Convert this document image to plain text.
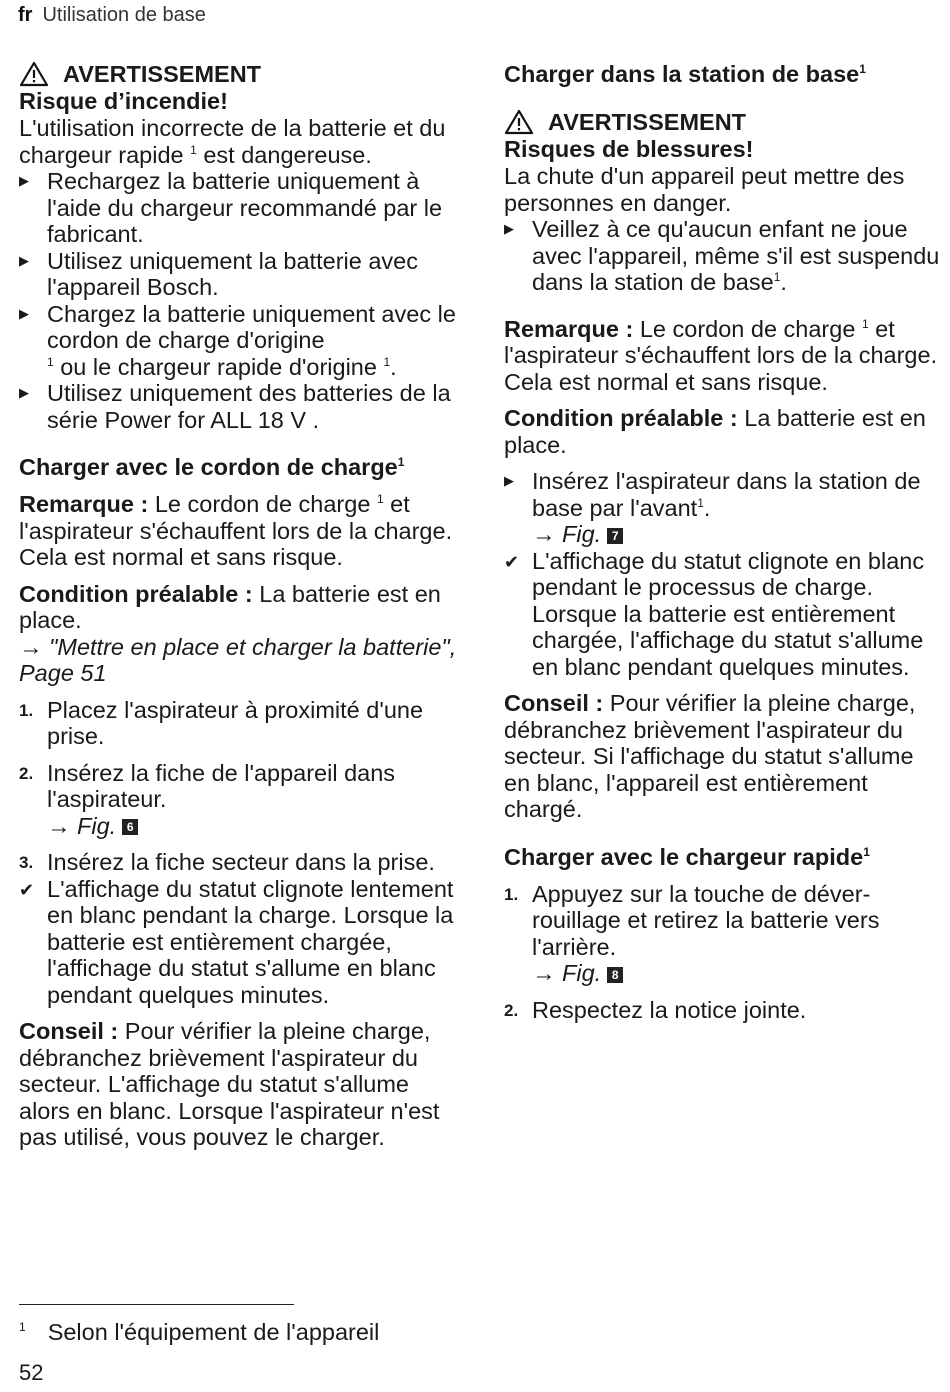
fr Utilisation de base
AVERTISSEMENT
Risque d’incendie!

L'utilisation incorrecte de la batterie et du chargeur rapide $^1$ est dangereuse.

▶ Rechargez la batterie uniquement à l'aide du chargeur recommandé par le fabricant.
▶ Utilisez uniquement la batterie avec l'appareil Bosch.
▶ Chargez la batterie uniquement avec le cordon de charge d'origine
$^1$ ou le chargeur rapide d'origine $^1$.
▶ Utilisez uniquement des batteries de la série Power for ALL 18 V .
Charger avec le cordon de charge$^1$

Remarque : Le cordon de charge $^1$ et l'aspirateur s'échauffent lors de la charge. Cela est normal et sans risque.

Condition préalable : La batterie est en place.

→ "Mettre en place et charger la batterie", Page 51
1. Placez l'aspirateur à proximité d'une prise.
2. Insérez la fiche de l'appareil dans l'aspirateur.
→ Fig. 6
3. Insérez la fiche secteur dans la prise.
✔ L'affichage du statut clignote lentement en blanc pendant la charge. Lorsque la batterie est entièrement chargée, l'affichage du statut s'allume en blanc pendant quelques minutes.

Conseil : Pour vérifier la pleine charge, débranchez brièvement l'aspirateur du secteur. L'affichage du statut s'allume alors en blanc. Lorsque l'aspirateur n'est pas utilisé, vous pouvez le charger.

Charger dans la station de base$^1$
AVERTISSEMENT
Risques de blessures!

La chute d'un appareil peut mettre des personnes en danger.

▶ Veillez à ce qu'aucun enfant ne joue avec l'appareil, même s'il est suspendu dans la station de base$^1$.

Remarque : Le cordon de charge $^1$ et l'aspirateur s'échauffent lors de la charge. Cela est normal et sans risque.

Condition préalable : La batterie est en place.

▶ Insérez l'aspirateur dans la station de base par l'avant$^1$.
→ Fig. 7
✔ L'affichage du statut clignote en blanc pendant le processus de charge. Lorsque la batterie est entièrement chargée, l'affichage du statut s'allume en blanc pendant quelques minutes.

Conseil : Pour vérifier la pleine charge, débranchez brièvement l'aspirateur du secteur. Si l'affichage du statut s'allume en blanc, l'appareil est entièrement chargé.

Charger avec le chargeur rapide$^1$
1. Appuyez sur la touche de déverrouillage et retirez la batterie vers l'arrière.
→ Fig. 8
2. Respectez la notice jointe.
$^1$ Selon l'équipement de l'appareil
52
